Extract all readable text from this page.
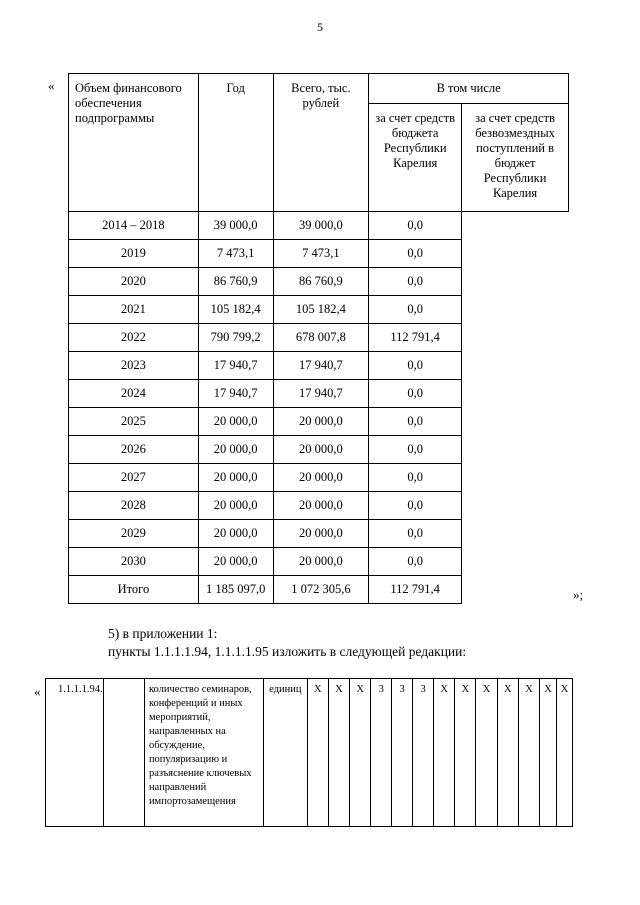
5
« Объем финансового обеспечения подпрограммы	Год	Всего, тыс. рублей	В том числе	
			за счет средств бюджета Республики Карелия	за счет средств безвозмездных поступлений в бюджет Республики Карелия
2014 – 2018	39 000,0	39 000,0	0,0	
2019	7 473,1	7 473,1	0,0	
2020	86 760,9	86 760,9	0,0	
2021	105 182,4	105 182,4	0,0	
2022	790 799,2	678 007,8	112 791,4	
2023	17 940,7	17 940,7	0,0	
2024	17 940,7	17 940,7	0,0	
2025	20 000,0	20 000,0	0,0	
2026	20 000,0	20 000,0	0,0	
2027	20 000,0	20 000,0	0,0	
2028	20 000,0	20 000,0	0,0	
2029	20 000,0	20 000,0	0,0	
2030	20 000,0	20 000,0	0,0	
Итого	1 185 097,0	1 072 305,6	112 791,4		»;
5) в приложении 1:
пункты 1.1.1.1.94, 1.1.1.1.95 изложить в следующей редакции:
« 1.1.1.1.94.		количество семинаров, конференций и иных мероприятий, направленных на обсуждение, популяризацию и разъяснение ключевых направлений импортозамещения	единиц	Х	Х	Х	3	3	3	Х	Х	Х	Х	Х	Х	Х
